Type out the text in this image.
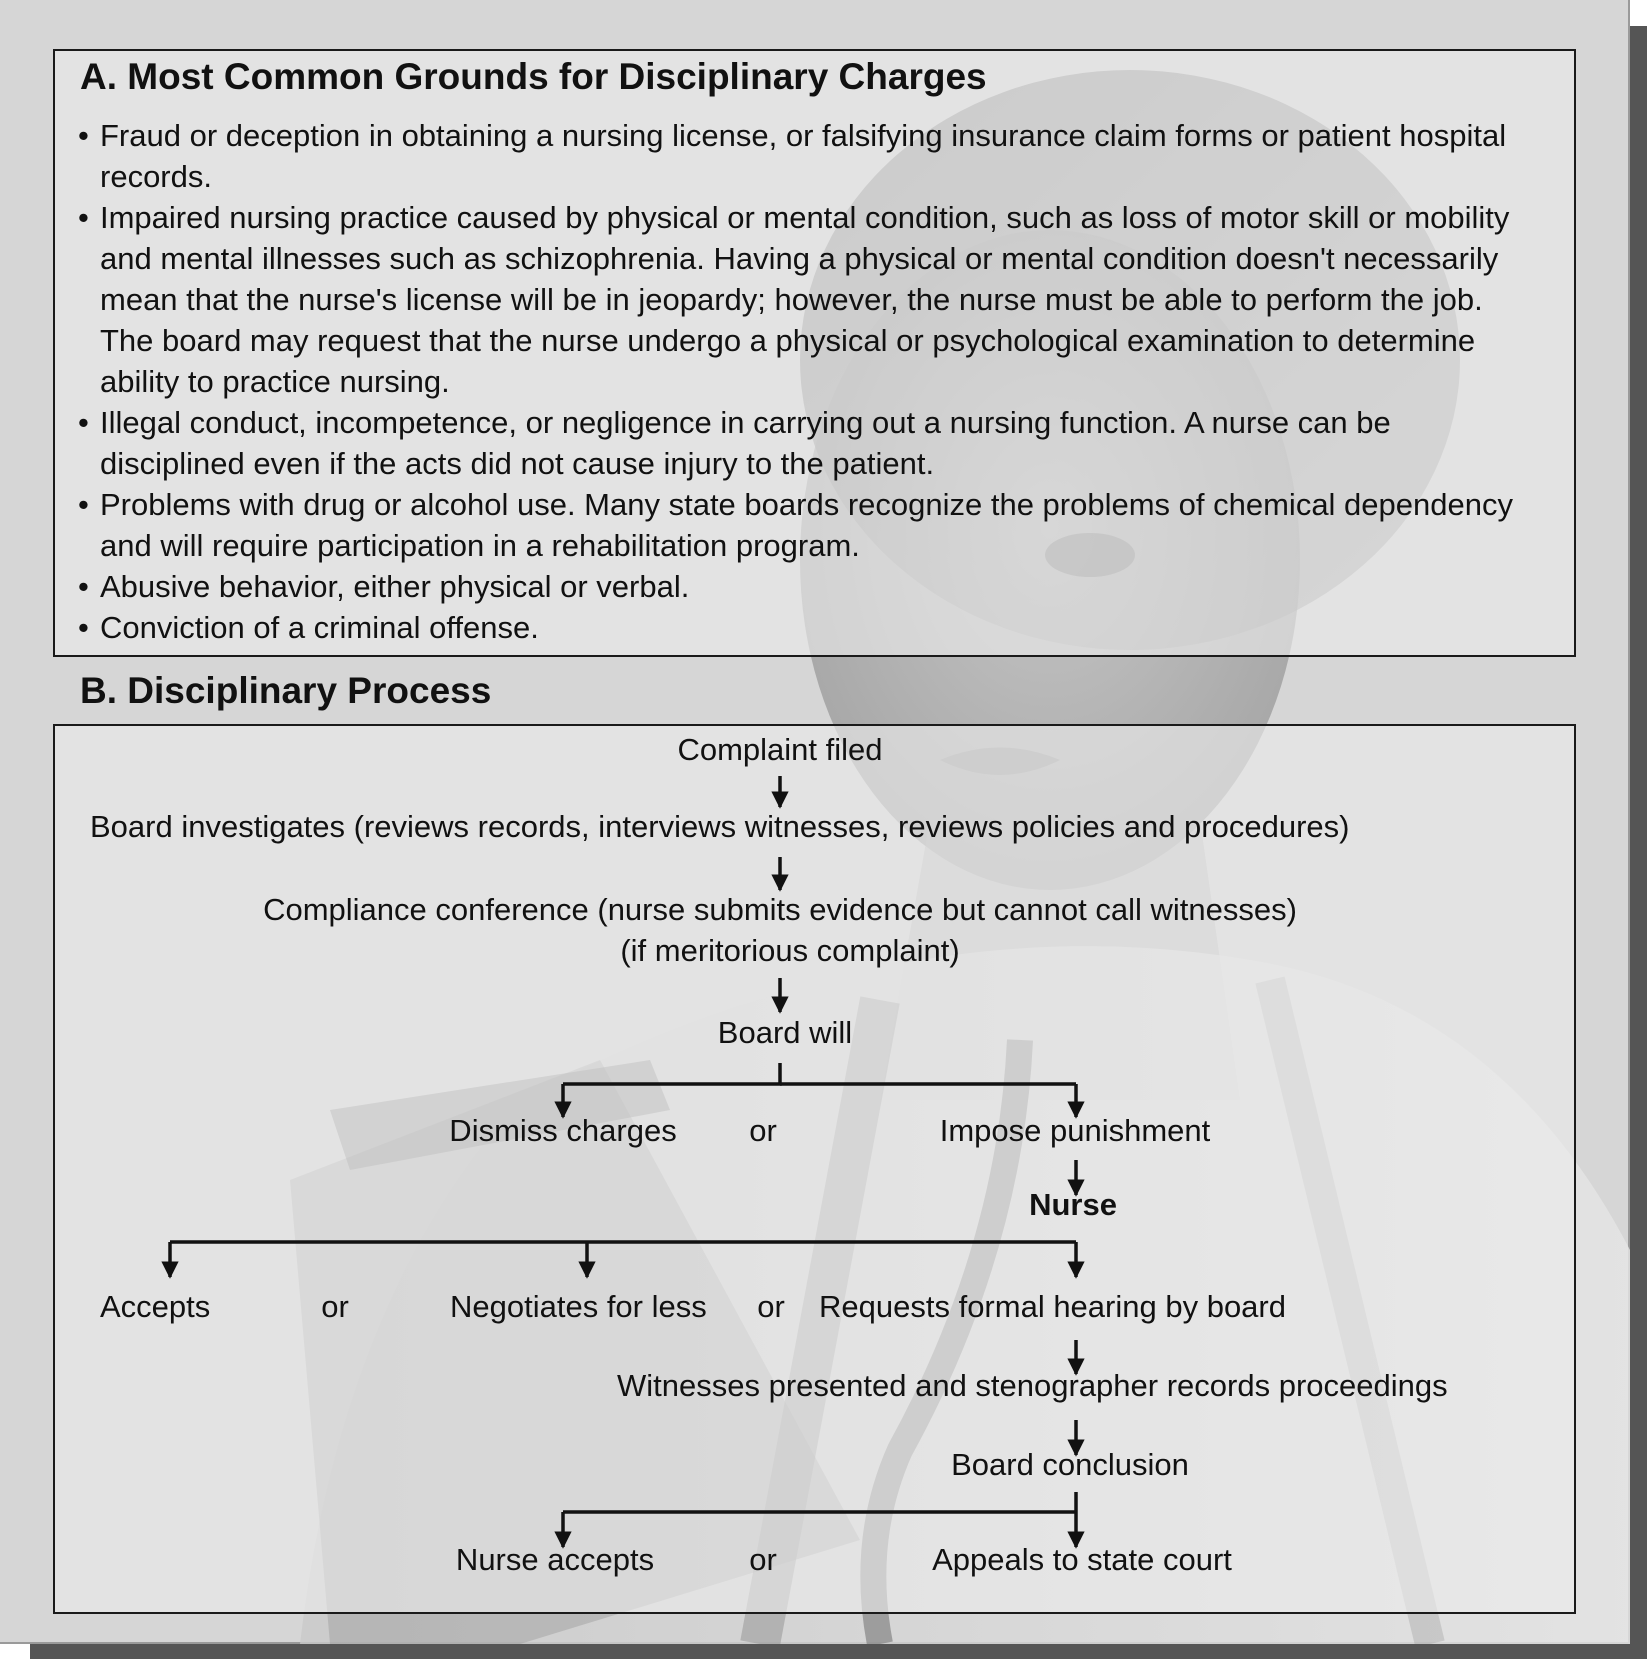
A. Most Common Grounds for Disciplinary Charges
• Fraud or deception in obtaining a nursing license, or falsifying insurance claim forms or patient hospital records.
• Impaired nursing practice caused by physical or mental condition, such as loss of motor skill or mobility and mental illnesses such as schizophrenia. Having a physical or mental condition doesn't necessarily mean that the nurse's license will be in jeopardy; however, the nurse must be able to perform the job. The board may request that the nurse undergo a physical or psychological examination to determine ability to practice nursing.
• Illegal conduct, incompetence, or negligence in carrying out a nursing function. A nurse can be disciplined even if the acts did not cause injury to the patient.
• Problems with drug or alcohol use. Many state boards recognize the problems of chemical dependency and will require participation in a rehabilitation program.
• Abusive behavior, either physical or verbal.
• Conviction of a criminal offense.
B. Disciplinary Process
Complaint filed
Board investigates (reviews records, interviews witnesses, reviews policies and procedures)
Compliance conference (nurse submits evidence but cannot call witnesses)
(if meritorious complaint)
Board will
Dismiss charges or	Impose punishment
Nurse
Accepts	or	Negotiates for less or Requests formal hearing by board
Witnesses presented and stenographer records proceedings
Board conclusion
Nurse accepts	or	Appeals to state court
